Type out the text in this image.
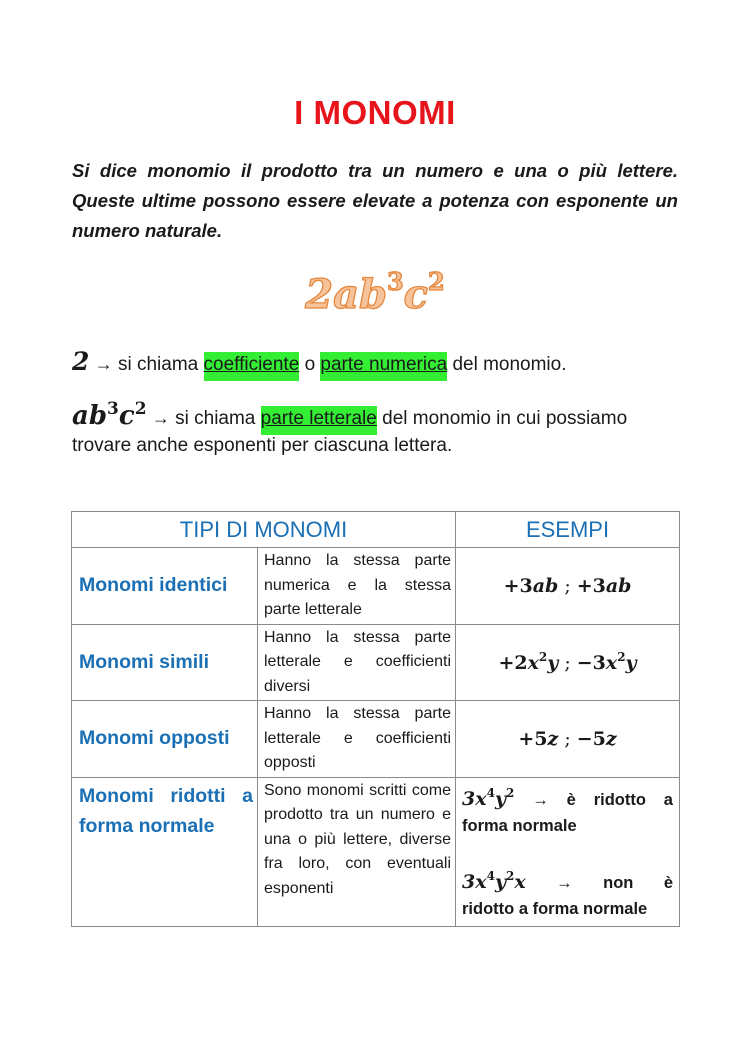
I MONOMI
Si dice monomio il prodotto tra un numero e una o più lettere. Queste ultime possono essere elevate a potenza con esponente un numero naturale.
$2ab^3c^2$
2 → si chiama coefficiente o parte numerica del monomio.
$ab^3c^2$ → si chiama parte letterale del monomio in cui possiamo
trovare anche esponenti per ciascuna lettera.
TIPI DI MONOMI		ESEMPI
Monomi identici	Hanno la stessa parte numerica e la stessa parte letterale	+3ab ; +3ab
Monomi simili	Hanno la stessa parte letterale e coefficienti diversi	$+2x^2y$ ; $-3x^2y$
Monomi opposti	Hanno la stessa parte letterale e coefficienti opposti	+5z ; −5z
Monomi ridotti a forma normale	Sono monomi scritti come prodotto tra un numero e una o più lettere, diverse fra loro, con eventuali esponenti	$3x^4y^2$ → è ridotto a
forma normale
$3x^4y^2x$ → non è
ridotto a forma normale
